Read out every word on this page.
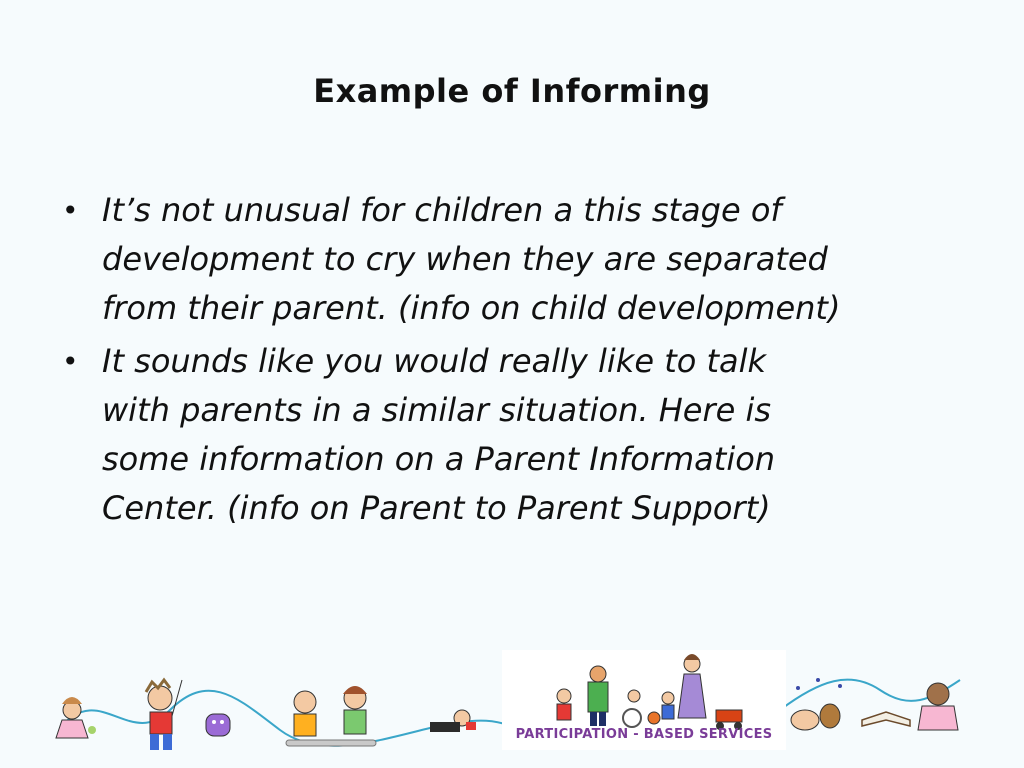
Example of Informing
• It’s not unusual for children a this stage of
development to cry when they are separated
from their parent. (info on child development)
• It sounds like you would really like to talk
with parents in a similar situation. Here is
some information on a Parent Information
Center. (info on Parent to Parent Support)
PARTICIPATION - BASED SERVICES
